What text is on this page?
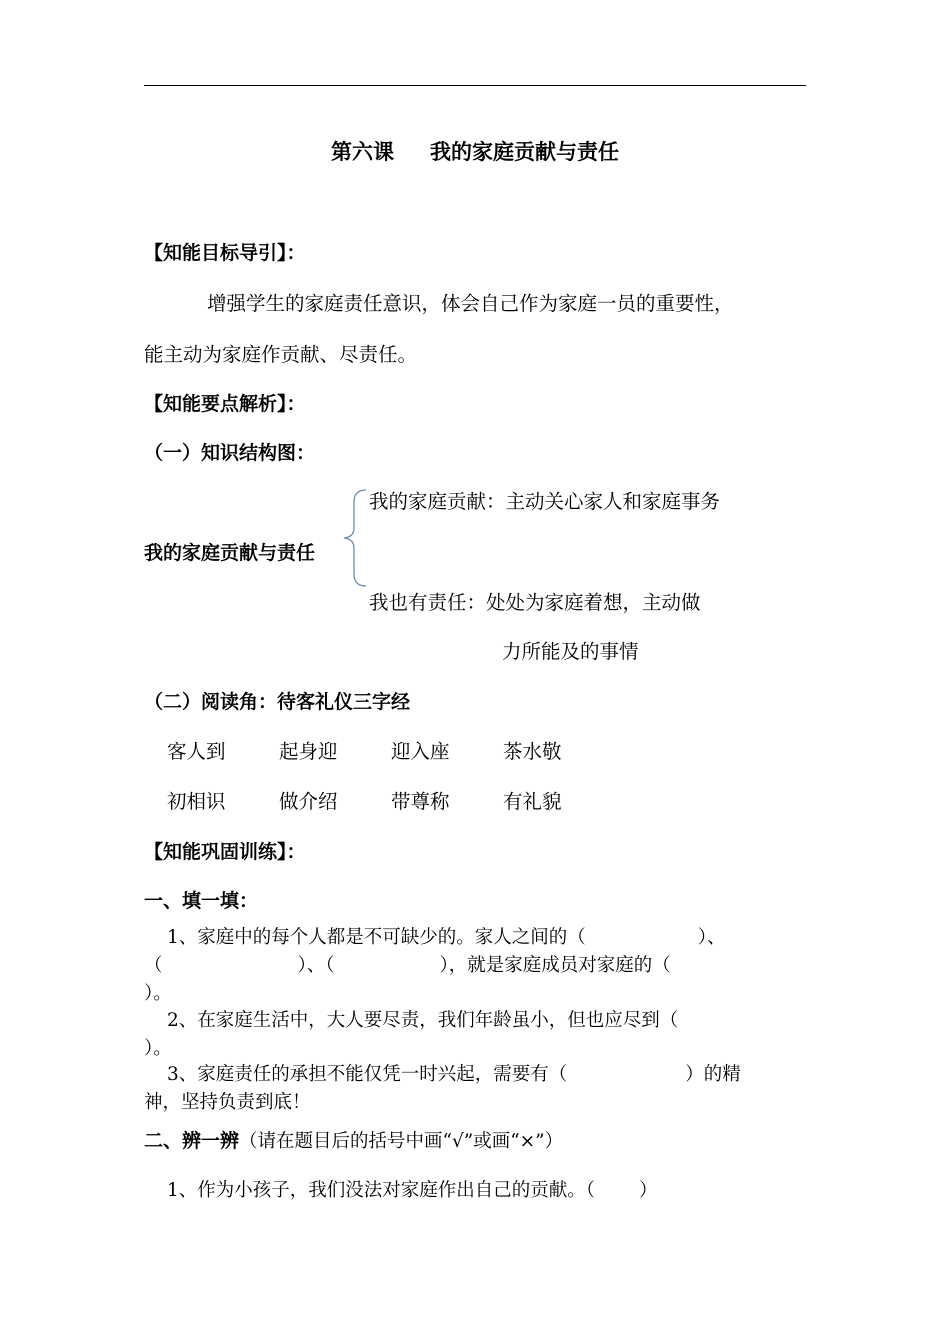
第六课 我的家庭贡献与责任
【知能目标导引】：
增强学生的家庭责任意识，体会自己作为家庭一员的重要性，
能主动为家庭作贡献、尽责任。
【知能要点解析】：
（一）知识结构图：
我的家庭贡献与责任
我的家庭贡献：主动关心家人和家庭事务
我也有责任：处处为家庭着想，主动做
力所能及的事情
（二）阅读角：待客礼仪三字经
客人到	起身迎	迎入座	茶水敬
初相识	做介绍	带尊称	有礼貌
【知能巩固训练】：
一、填一填：
1、家庭中的每个人都是不可缺少的。家人之间的（	）、
（	）、（	），就是家庭成员对家庭的（
）。
2、在家庭生活中，大人要尽责，我们年龄虽小，但也应尽到（
）。
3、家庭责任的承担不能仅凭一时兴起，需要有（	）的精
神，坚持负责到底！
二、辨一辨（请在题目后的括号中画“√”或画“×”）
1、作为小孩子，我们没法对家庭作出自己的贡献。（ ）
